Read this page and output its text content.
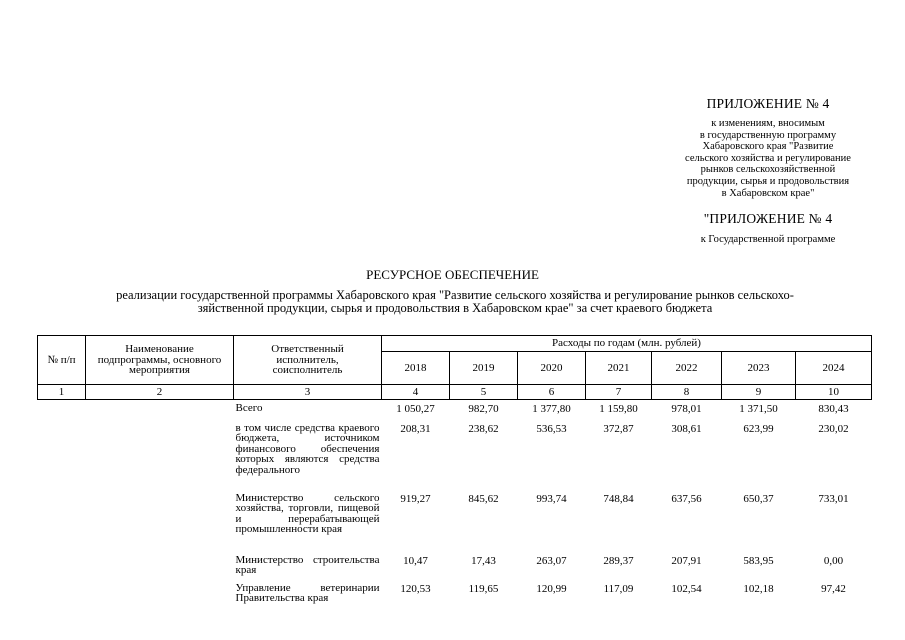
ПРИЛОЖЕНИЕ № 4
к изменениям, вносимым
в государственную программу
Хабаровского края "Развитие
сельского хозяйства и регулирование
рынков сельскохозяйственной
продукции, сырья и продовольствия
в Хабаровском крае"
"ПРИЛОЖЕНИЕ № 4
к Государственной программе
РЕСУРСНОЕ ОБЕСПЕЧЕНИЕ
реализации государственной программы Хабаровского края "Развитие сельского хозяйства и регулирование рынков сельскохо-
зяйственной продукции, сырья и продовольствия в Хабаровском крае" за счет краевого бюджета
№ п/п	Наименование подпрограммы, основного мероприятия	Ответственный исполнитель, соисполнитель	Расходы по годам (млн. рублей)						
			2018	2019	2020	2021	2022	2023	2024
1	2	3	4	5	6	7	8	9	10
		Всего	1 050,27	982,70	1 377,80	1 159,80	978,01	1 371,50	830,43
		в том числе средства краевого бюджета, источником финансового обеспечения которых являются средства федерального	208,31	238,62	536,53	372,87	308,61	623,99	230,02
		Министерство сельского хозяйства, торговли, пищевой и перерабатывающей промышленности края	919,27	845,62	993,74	748,84	637,56	650,37	733,01
		Министерство строительства края	10,47	17,43	263,07	289,37	207,91	583,95	0,00
		Управление ветеринарии Правительства края	120,53	119,65	120,99	117,09	102,54	102,18	97,42
